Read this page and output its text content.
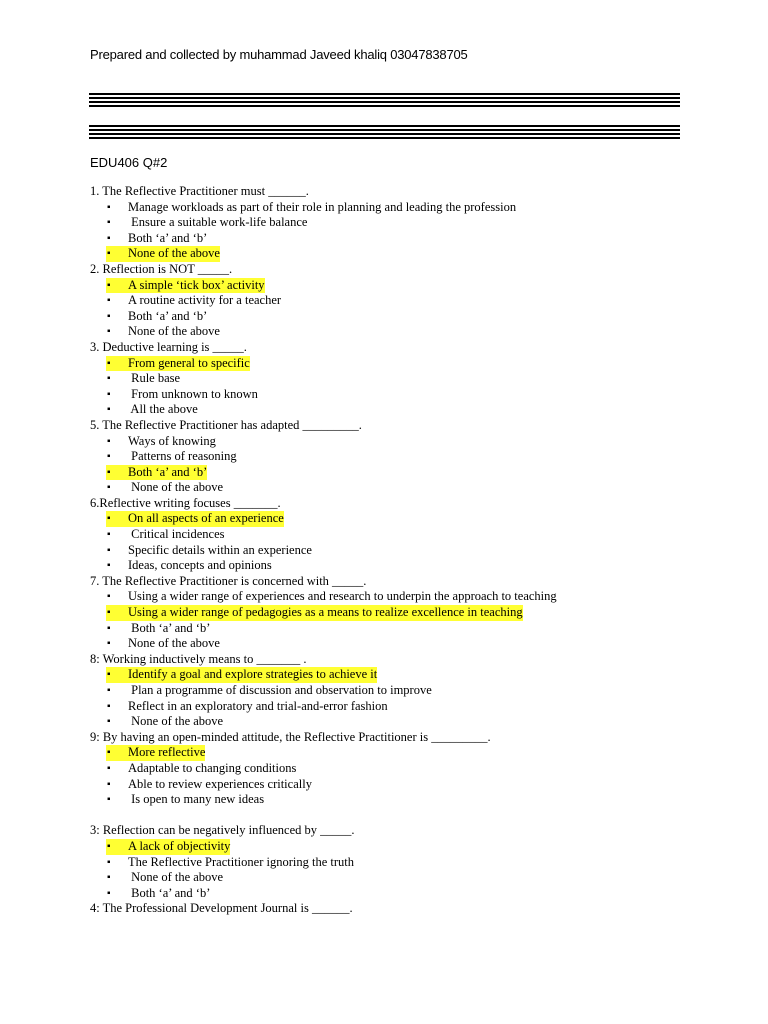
Prepared and collected by muhammad Javeed khaliq 03047838705
EDU406 Q#2
1. The Reflective Practitioner must ______.
▪ Manage workloads as part of their role in planning and leading the profession
▪ Ensure a suitable work-life balance
▪ Both ‘a’ and ‘b’
▪ None of the above
2. Reflection is NOT _____.
▪ A simple ‘tick box’ activity
▪ A routine activity for a teacher
▪ Both ‘a’ and ‘b’
▪ None of the above
3. Deductive learning is _____.
▪ From general to specific
▪ Rule base
▪ From unknown to known
▪ All the above
5. The Reflective Practitioner has adapted _________.
▪ Ways of knowing
▪ Patterns of reasoning
▪ Both ‘a’ and ‘b’
▪ None of the above
6.Reflective writing focuses _______.
▪ On all aspects of an experience
▪ Critical incidences
▪ Specific details within an experience
▪ Ideas, concepts and opinions
7. The Reflective Practitioner is concerned with _____.
▪ Using a wider range of experiences and research to underpin the approach to teaching
▪ Using a wider range of pedagogies as a means to realize excellence in teaching
▪ Both ‘a’ and ‘b’
▪ None of the above
8: Working inductively means to _______ .
▪ Identify a goal and explore strategies to achieve it
▪ Plan a programme of discussion and observation to improve
▪ Reflect in an exploratory and trial-and-error fashion
▪ None of the above
9: By having an open-minded attitude, the Reflective Practitioner is _________.
▪ More reflective
▪ Adaptable to changing conditions
▪ Able to review experiences critically
▪ Is open to many new ideas
3: Reflection can be negatively influenced by _____.
▪ A lack of objectivity
▪ The Reflective Practitioner ignoring the truth
▪ None of the above
▪ Both ‘a’ and ‘b’
4: The Professional Development Journal is ______.
